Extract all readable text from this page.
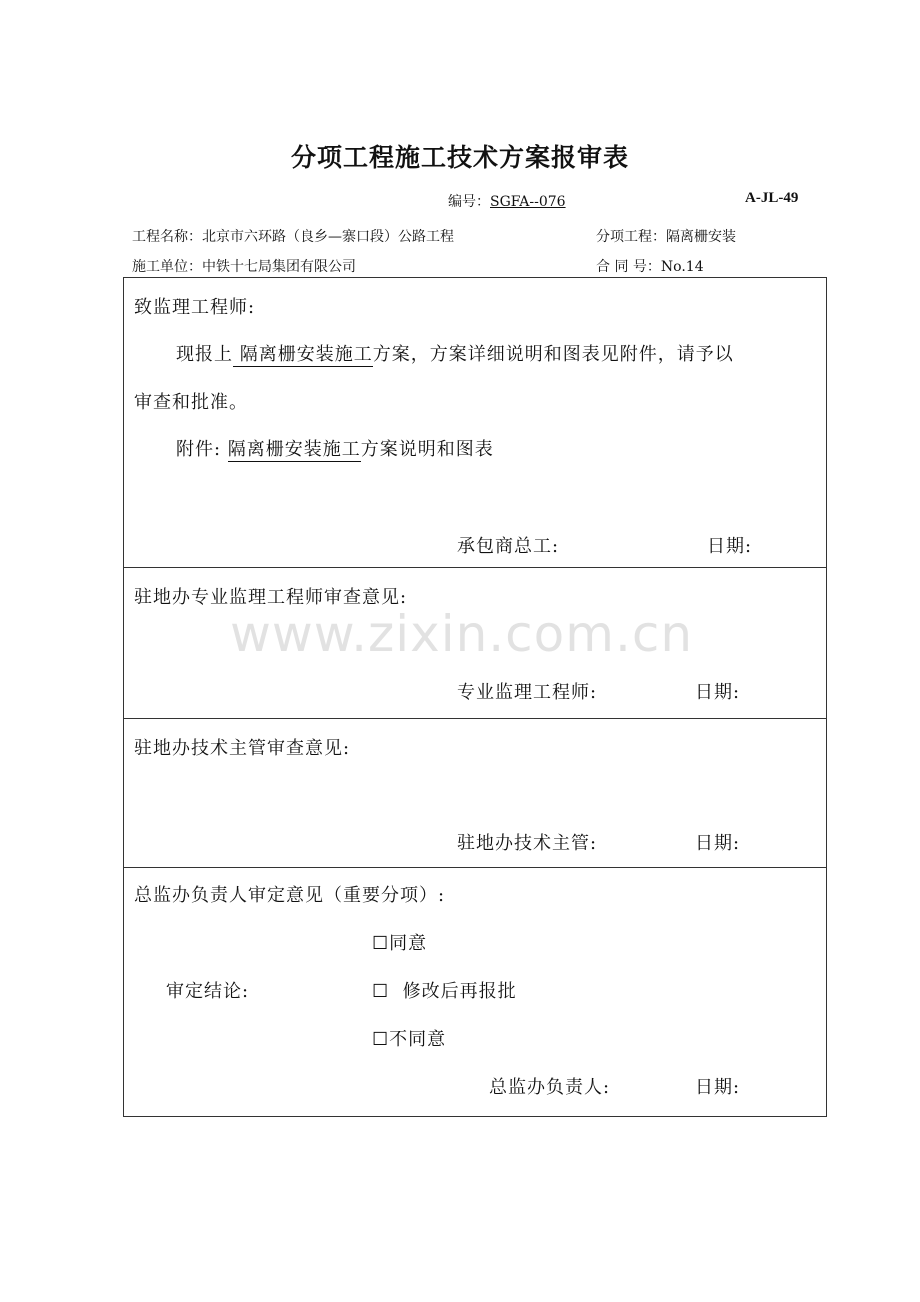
分项工程施工技术方案报审表
编号：SGFA--076	A-JL-49
工程名称：北京市六环路（良乡—寨口段）公路工程	分项工程：隔离栅安装
施工单位：中铁十七局集团有限公司	合 同 号：No.14
致监理工程师:
现报上 隔离栅安装施工方案，方案详细说明和图表见附件，请予以
审查和批准。
附件: 隔离栅安装施工方案说明和图表
承包商总工:	日期:
驻地办专业监理工程师审查意见:
专业监理工程师:	日期:
驻地办技术主管审查意见:
驻地办技术主管:	日期:
总监办负责人审定意见（重要分项）:
☐同意
审定结论:	☐  修改后再报批
☐不同意
总监办负责人:	日期:
www.zixin.com.cn
